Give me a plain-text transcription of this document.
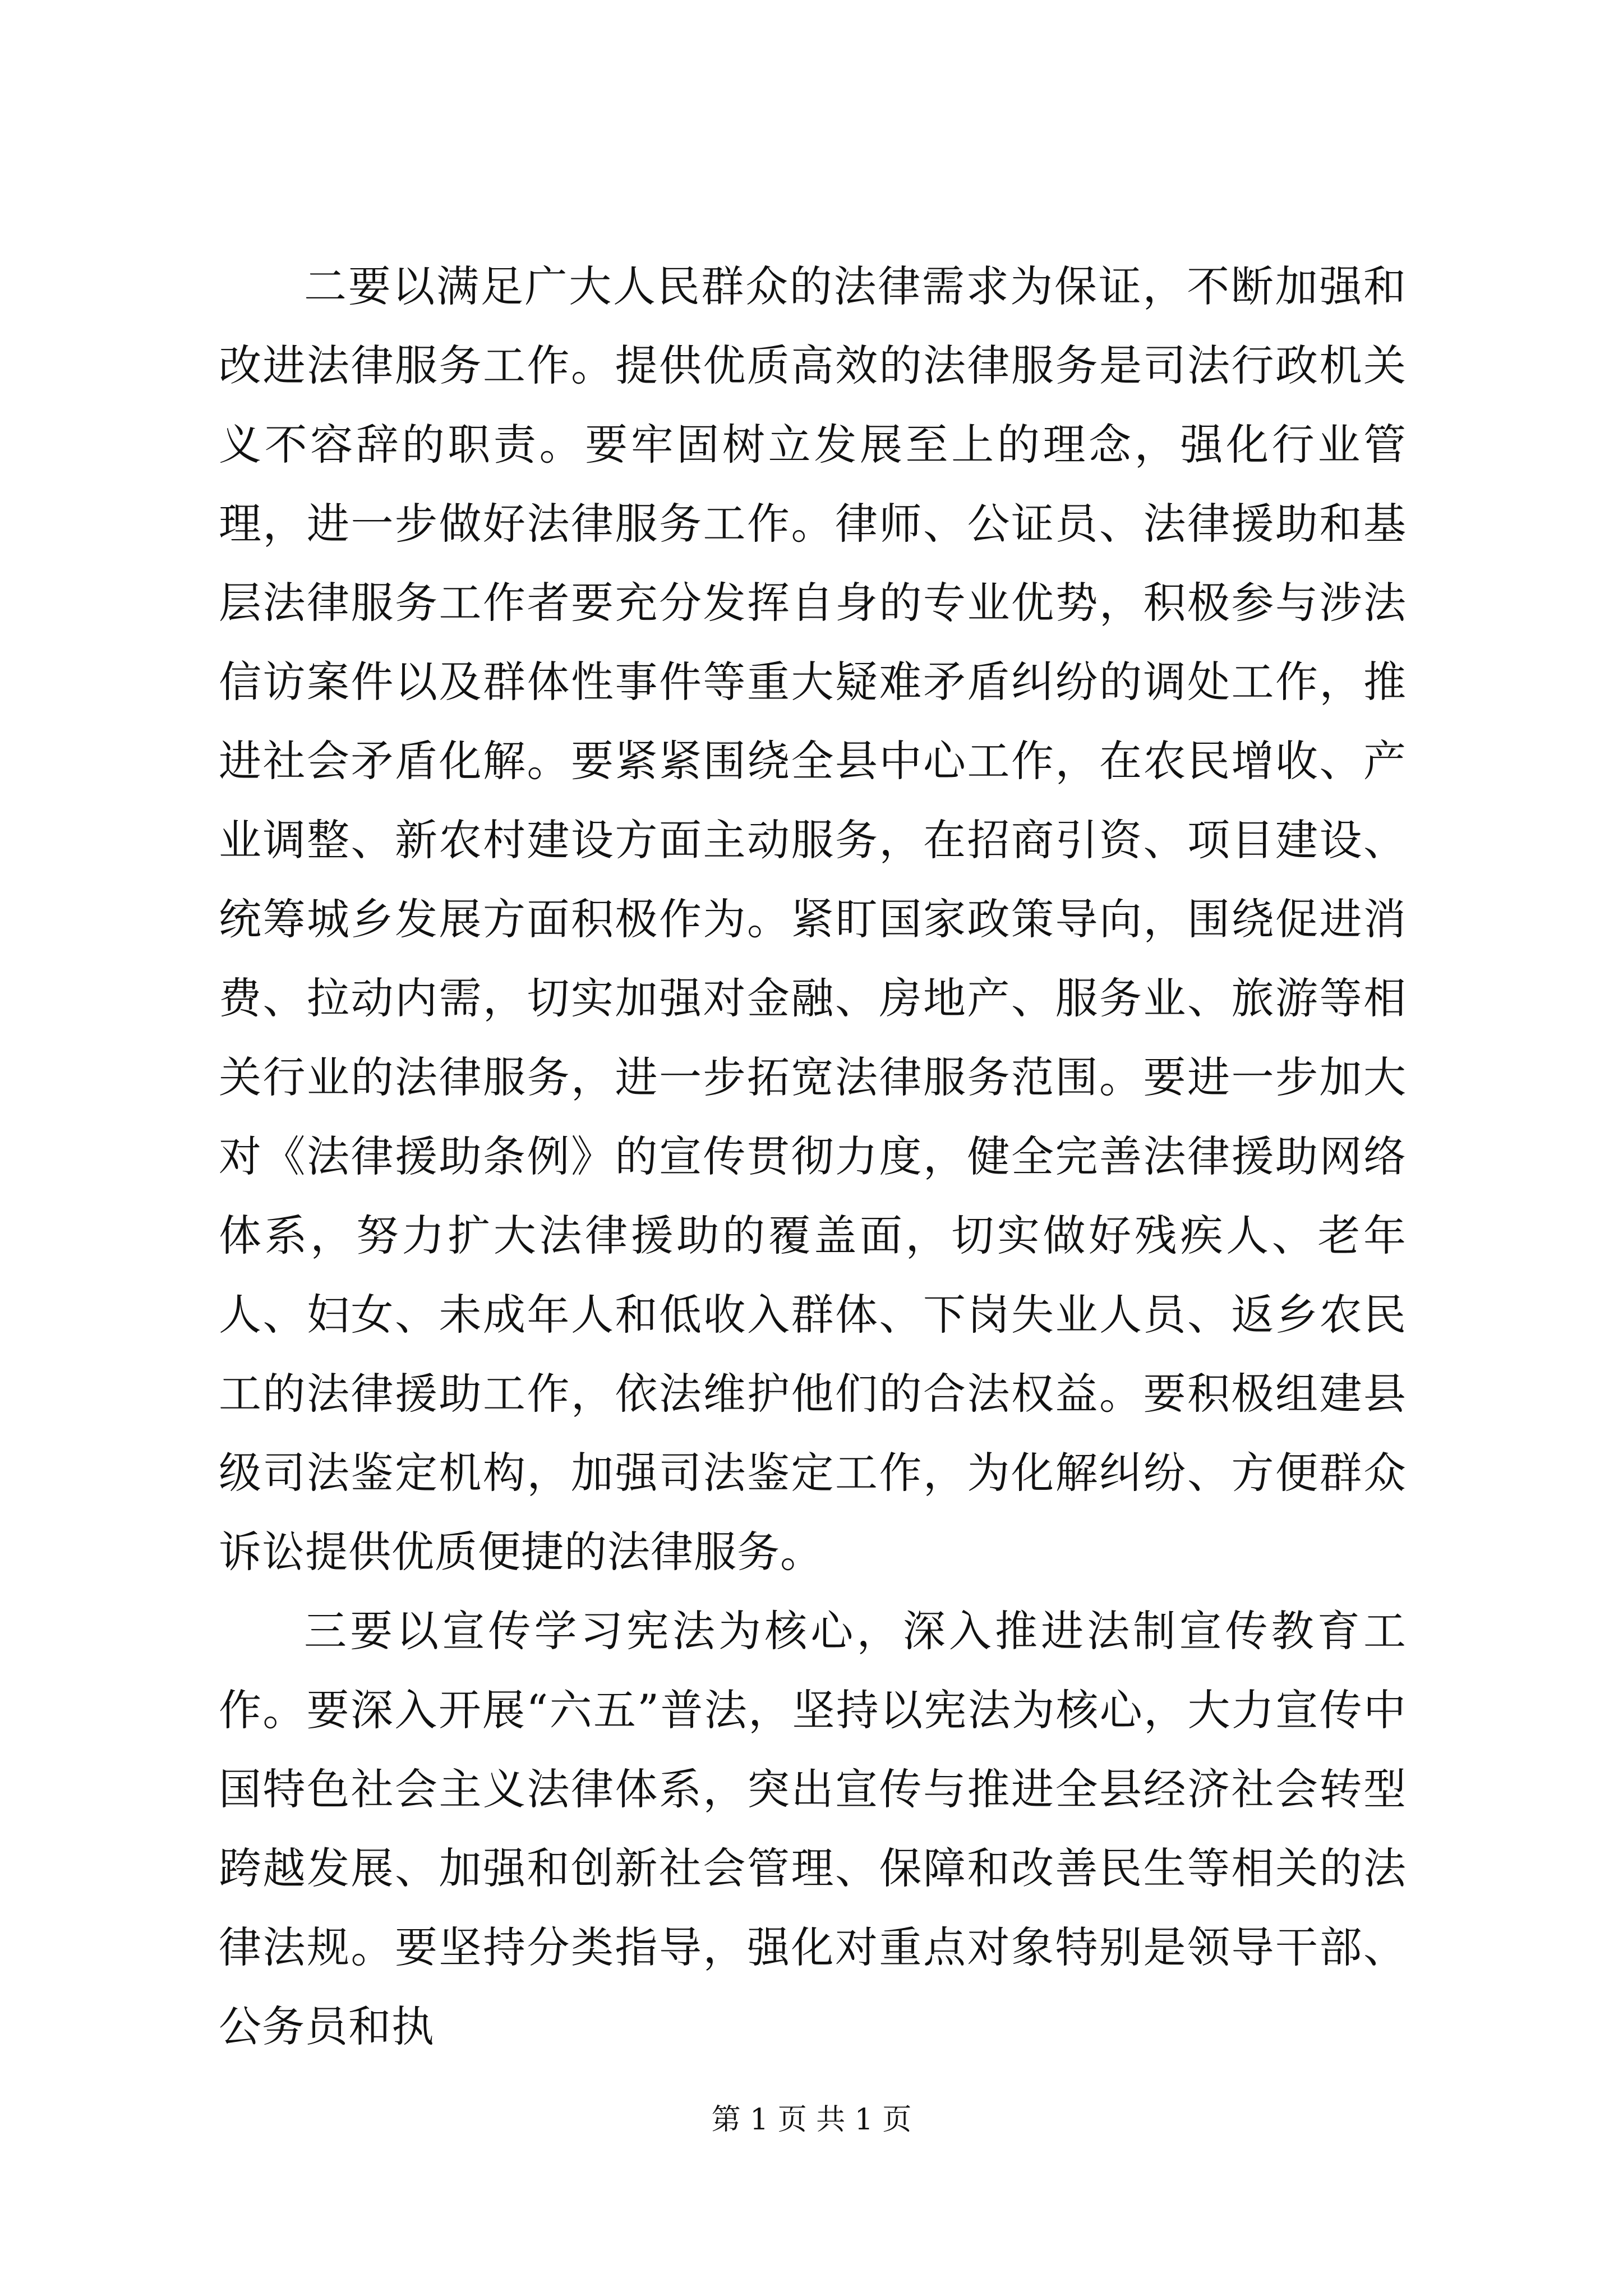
二要以满足广大人民群众的法律需求为保证，不断加强和改进法律服务工作。提供优质高效的法律服务是司法行政机关义不容辞的职责。要牢固树立发展至上的理念，强化行业管理，进一步做好法律服务工作。律师、公证员、法律援助和基层法律服务工作者要充分发挥自身的专业优势，积极参与涉法信访案件以及群体性事件等重大疑难矛盾纠纷的调处工作，推进社会矛盾化解。要紧紧围绕全县中心工作，在农民增收、产业调整、新农村建设方面主动服务，在招商引资、项目建设、统筹城乡发展方面积极作为。紧盯国家政策导向，围绕促进消费、拉动内需，切实加强对金融、房地产、服务业、旅游等相关行业的法律服务，进一步拓宽法律服务范围。要进一步加大对《法律援助条例》的宣传贯彻力度，健全完善法律援助网络体系，努力扩大法律援助的覆盖面，切实做好残疾人、老年人、妇女、未成年人和低收入群体、下岗失业人员、返乡农民工的法律援助工作，依法维护他们的合法权益。要积极组建县级司法鉴定机构，加强司法鉴定工作，为化解纠纷、方便群众诉讼提供优质便捷的法律服务。

三要以宣传学习宪法为核心，深入推进法制宣传教育工作。要深入开展“六五”普法，坚持以宪法为核心，大力宣传中国特色社会主义法律体系，突出宣传与推进全县经济社会转型跨越发展、加强和创新社会管理、保障和改善民生等相关的法律法规。要坚持分类指导，强化对重点对象特别是领导干部、公务员和执

第 1 页 共 1 页
